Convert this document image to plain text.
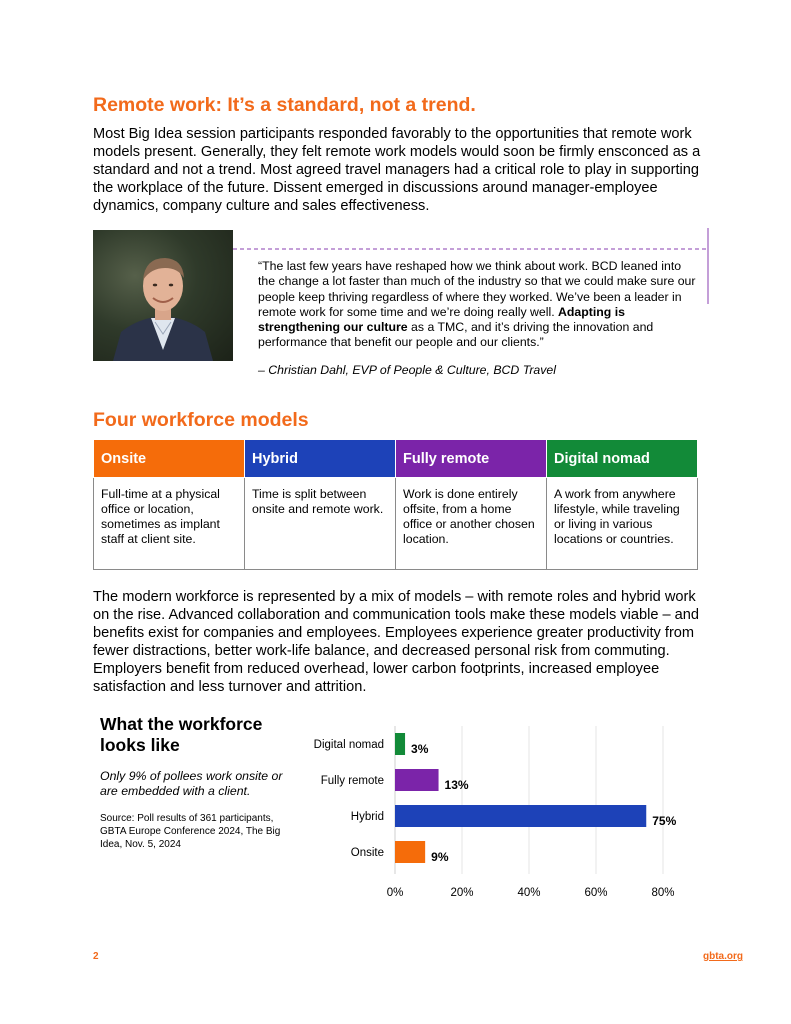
Remote work: It’s a standard, not a trend.

Most Big Idea session participants responded favorably to the opportunities that remote work models present. Generally, they felt remote work models would soon be firmly ensconced as a standard and not a trend. Most agreed travel managers had a critical role to play in supporting the workplace of the future. Dissent emerged in discussions around manager-employee dynamics, company culture and sales effectiveness.

“The last few years have reshaped how we think about work. BCD leaned into the change a lot faster than much of the industry so that we could make sure our people keep thriving regardless of where they worked. We’ve been a leader in remote work for some time and we’re doing really well. Adapting is strengthening our culture as a TMC, and it’s driving the innovation and performance that benefit our people and our clients.”

– Christian Dahl, EVP of People & Culture, BCD Travel

Four workforce models
Onsite	Hybrid	Fully remote	Digital nomad
Full-time at a physical office or location, sometimes as implant staff at client site.	Time is split between onsite and remote work.	Work is done entirely offsite, from a home office or another chosen location.	A work from anywhere lifestyle, while traveling or living in various locations or countries.

The modern workforce is represented by a mix of models – with remote roles and hybrid work on the rise. Advanced collaboration and communication tools make these models viable – and benefits exist for companies and employees. Employees experience greater productivity from fewer distractions, better work-life balance, and decreased personal risk from commuting. Employers benefit from reduced overhead, lower carbon footprints, increased employee satisfaction and less turnover and attrition.

What the workforce looks like

Only 9% of pollees work onsite or are embedded with a client.

Source: Poll results of 361 participants, GBTA Europe Conference 2024, The Big Idea, Nov. 5, 2024

Digital nomad 3%
Fully remote	13%
Hybrid	75%
Onsite	9%
0%	20%	40%	60%	80%
2	gbta.org
